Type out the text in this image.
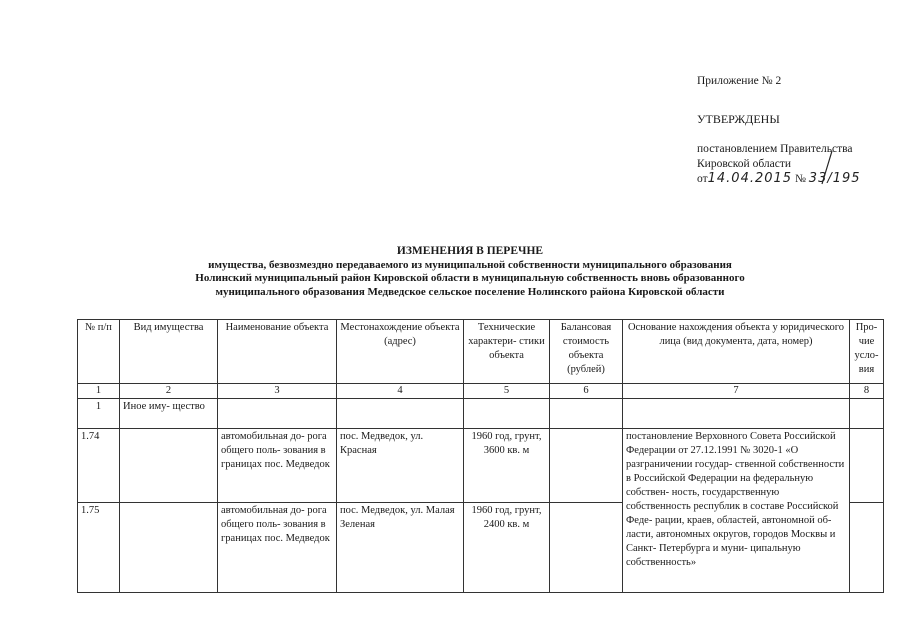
Приложение № 2
УТВЕРЖДЕНЫ
постановлением Правительства
Кировской области
от14.04.2015 № 33/195
ИЗМЕНЕНИЯ В ПЕРЕЧНЕ
имущества, безвозмездно передаваемого из муниципальной собственности муниципального образования
Нолинский муниципальный район Кировской области в муниципальную собственность вновь образованного
муниципального образования Медведское сельское поселение Нолинского района Кировской области
№ п/п	Вид имущества	Наименование объекта	Местонахождение объекта (адрес)	Технические характери- стики объекта	Балансовая стоимость объекта (рублей)	Основание нахождения объекта у юридического лица (вид документа, дата, номер)	Про- чие усло- вия
1	2	3	4	5	6	7	8
1	Иное иму- щество						
1.74		автомобильная до- рога общего поль- зования в границах пос. Медведок	пос. Медведок, ул. Красная	1960 год, грунт, 3600 кв. м		постановление Верховного Совета Российской Федерации от 27.12.1991 № 3020-1 «О разграничении государ- ственной собственности в Российской Федерации на федеральную собствен- ность, государственную собственность республик в составе Российской Феде- рации, краев, областей, автономной об- ласти, автономных округов, городов Москвы и Санкт- Петербурга и муни- ципальную собственность»	
1.75		автомобильная до- рога общего поль- зования в границах пос. Медведок	пос. Медведок, ул. Малая Зеленая	1960 год, грунт, 2400 кв. м			
